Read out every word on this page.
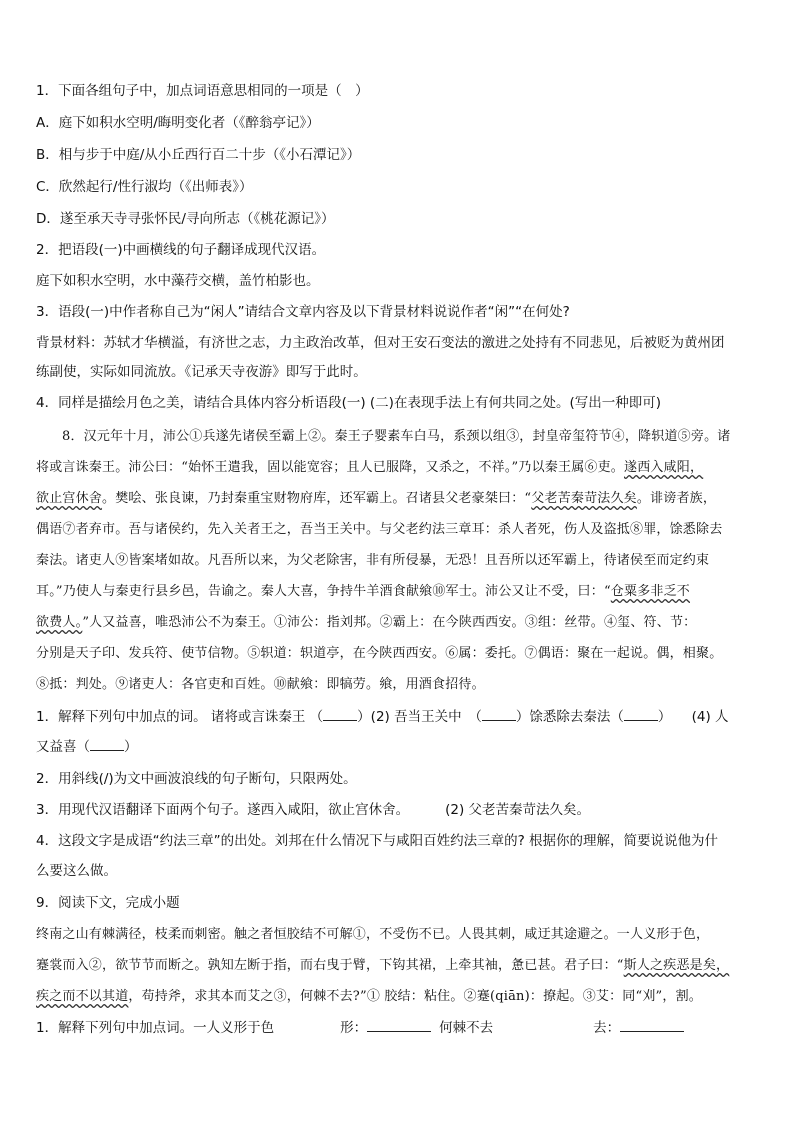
1．下面各组句子中，加点词语意思相同的一项是（　）
A．庭下如积水空明/晦明变化者（《醉翁亭记》）
B．相与步于中庭/从小丘西行百二十步（《小石潭记》）
C．欣然起行/性行淑均（《出师表》）
D．遂至承天寺寻张怀民/寻向所志（《桃花源记》）
2．把语段(一)中画横线的句子翻译成现代汉语。
庭下如积水空明，水中藻荇交横，盖竹柏影也。
3．语段(一)中作者称自己为“闲人”请结合文章内容及以下背景材料说说作者“闲”“在何处?
背景材料：苏轼才华横溢，有济世之志，力主政治改革，但对王安石变法的激进之处持有不同悲见，后被贬为黄州团
练副使，实际如同流放。《记承天寺夜游》即写于此时。
4．同样是描绘月色之美，请结合具体内容分析语段(一) (二)在表现手法上有何共同之处。(写出一种即可)
8．汉元年十月，沛公①兵遂先诸侯至霸上②。秦王子婴素车白马，系颈以组③，封皇帝玺符节④，降轵道⑤旁。诸
将或言诛秦王。沛公曰：“始怀王遣我，固以能宽容；且人已服降，又杀之，不祥。”乃以秦王属⑥吏。遂西入咸阳，
欲止宫休舍。樊哙、张良谏，乃封秦重宝财物府库，还军霸上。召诸县父老豪桀曰：“父老苦秦苛法久矣。诽谤者族，
偶语⑦者弃市。吾与诸侯约，先入关者王之，吾当王关中。与父老约法三章耳：杀人者死，伤人及盗抵⑧罪，馀悉除去
秦法。诸吏人⑨皆案堵如故。凡吾所以来，为父老除害，非有所侵暴，无恐！且吾所以还军霸上，待诸侯至而定约束
耳。”乃使人与秦吏行县乡邑，告谕之。秦人大喜，争持牛羊酒食献飨⑩军士。沛公又让不受，曰：“仓粟多非乏不
欲费人。”人又益喜，唯恐沛公不为秦王。①沛公：指刘邦。②霸上：在今陕西西安。③组：丝带。④玺、符、节：
分别是天子印、发兵符、使节信物。⑤轵道：轵道亭，在今陕西西安。⑥属：委托。⑦偶语：聚在一起说。偶，相聚。
⑧抵：判处。⑨诸吏人：各官吏和百姓。⑩献飨：即犒劳。飨，用酒食招待。
1．解释下列句中加点的词。 诸将或言诛秦王 （	）(2) 吾当王关中　（	）馀悉除去秦法（	）　　(4) 人
又益喜（	）
2．用斜线(/)为文中画波浪线的句子断句，只限两处。
3．用现代汉语翻译下面两个句子。遂西入咸阳，欲止宫休舍。	(2) 父老苦秦苛法久矣。
4．这段文字是成语“约法三章”的出处。刘邦在什么情况下与咸阳百姓约法三章的? 根据你的理解，简要说说他为什
么要这么做。
9．阅读下文，完成小题
终南之山有棘满径，枝柔而刺密。触之者恒胶结不可解①，不受伤不已。人畏其刺，咸迂其途避之。一人义形于色，
蹇裳而入②，欲节节而断之。孰知左断于指，而右曳于臂，下钩其裙，上牵其袖，惫已甚。君子曰：“斯人之疾恶是矣，
疾之而不以其道，苟持斧，求其本而艾之③，何棘不去?”① 胶结：粘住。②蹇(qiān)：撩起。③艾：同“刈”，割。
1．解释下列句中加点词。一人义形于色	形：	何棘不去	去：
